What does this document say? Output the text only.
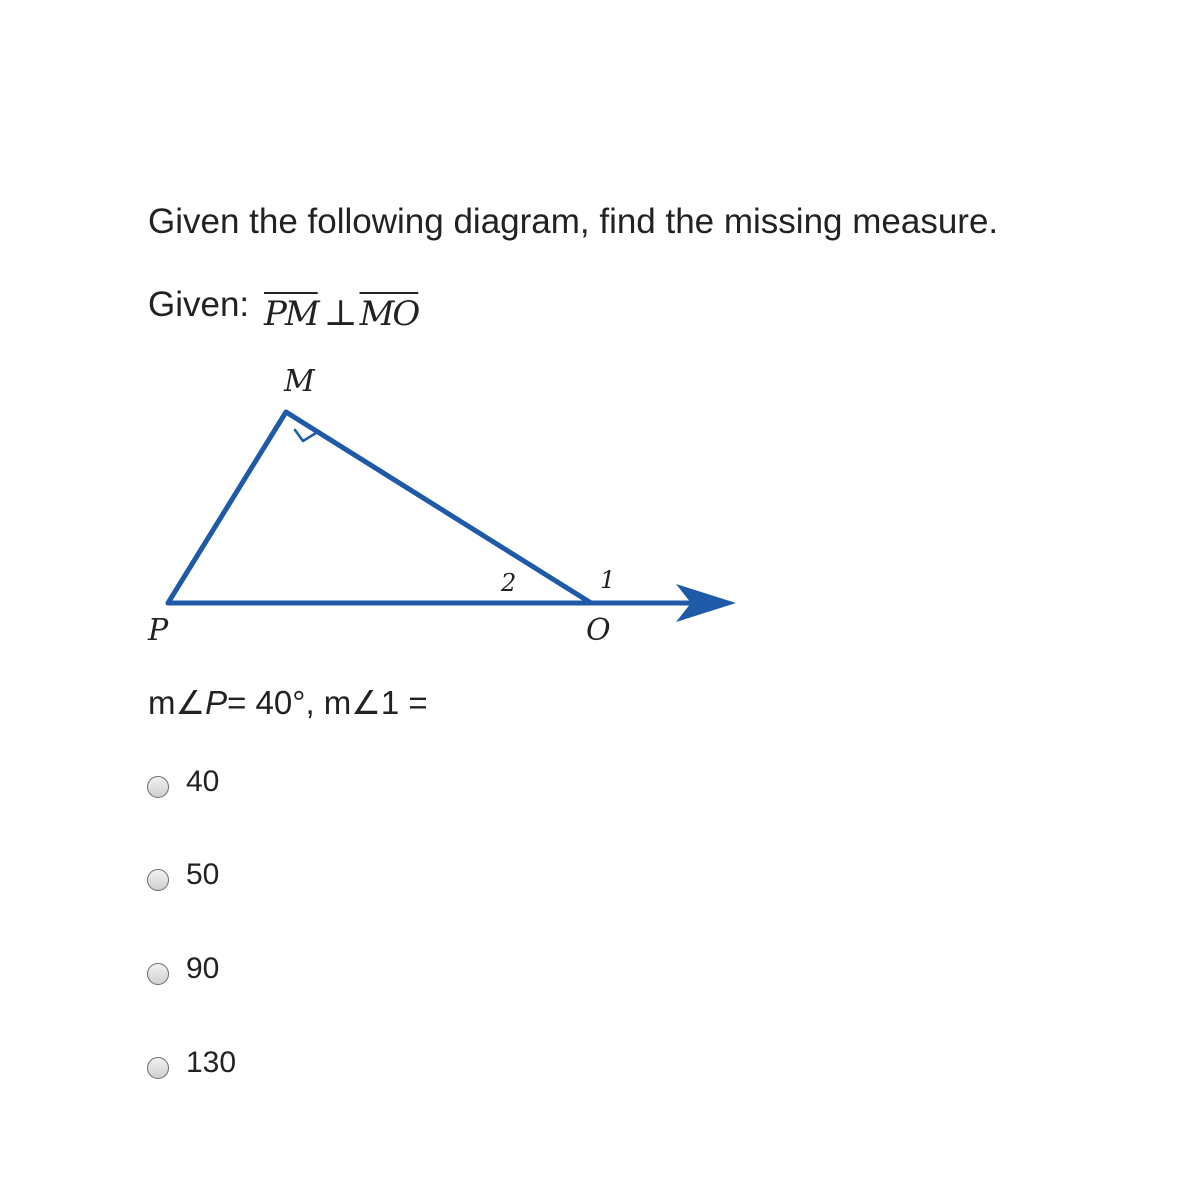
Given the following diagram, find the missing measure.
Given: $\overline{PM}$ $\perp\overline{MO}$
M
P	O
2	1
m∠P= 40°, m∠1 =
40
50
90
130
